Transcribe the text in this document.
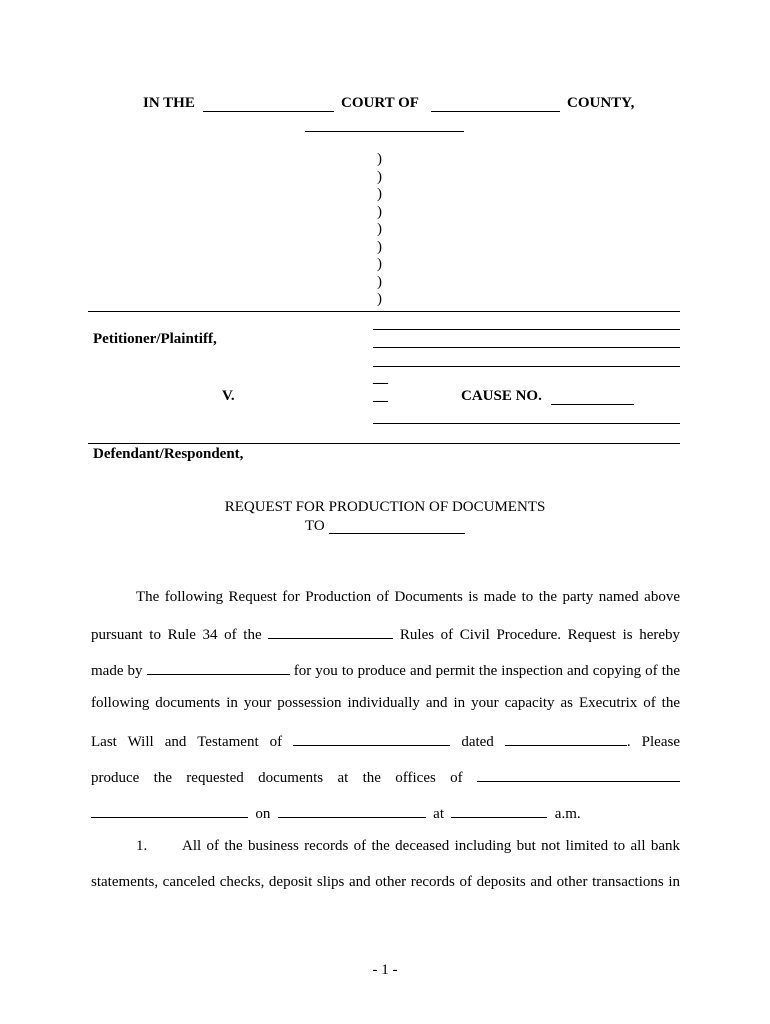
IN THE	COURT OF	COUNTY,
)
)
)
)
)
)
)
)
)
Petitioner/Plaintiff,
__
V.	__	CAUSE NO.
Defendant/Respondent,
REQUEST FOR PRODUCTION OF DOCUMENTS
TO
The following Request for Production of Documents is made to the party named above
pursuant to Rule 34 of the	Rules of Civil Procedure. Request is hereby
made by	for you to produce and permit the inspection and copying of the
following documents in your possession individually and in your capacity as Executrix of the
Last Will and Testament of	dated	. Please
produce the requested documents at the offices of
on	at	a.m.
1. All of the business records of the deceased including but not limited to all bank
statements, canceled checks, deposit slips and other records of deposits and other transactions in
- 1 -
